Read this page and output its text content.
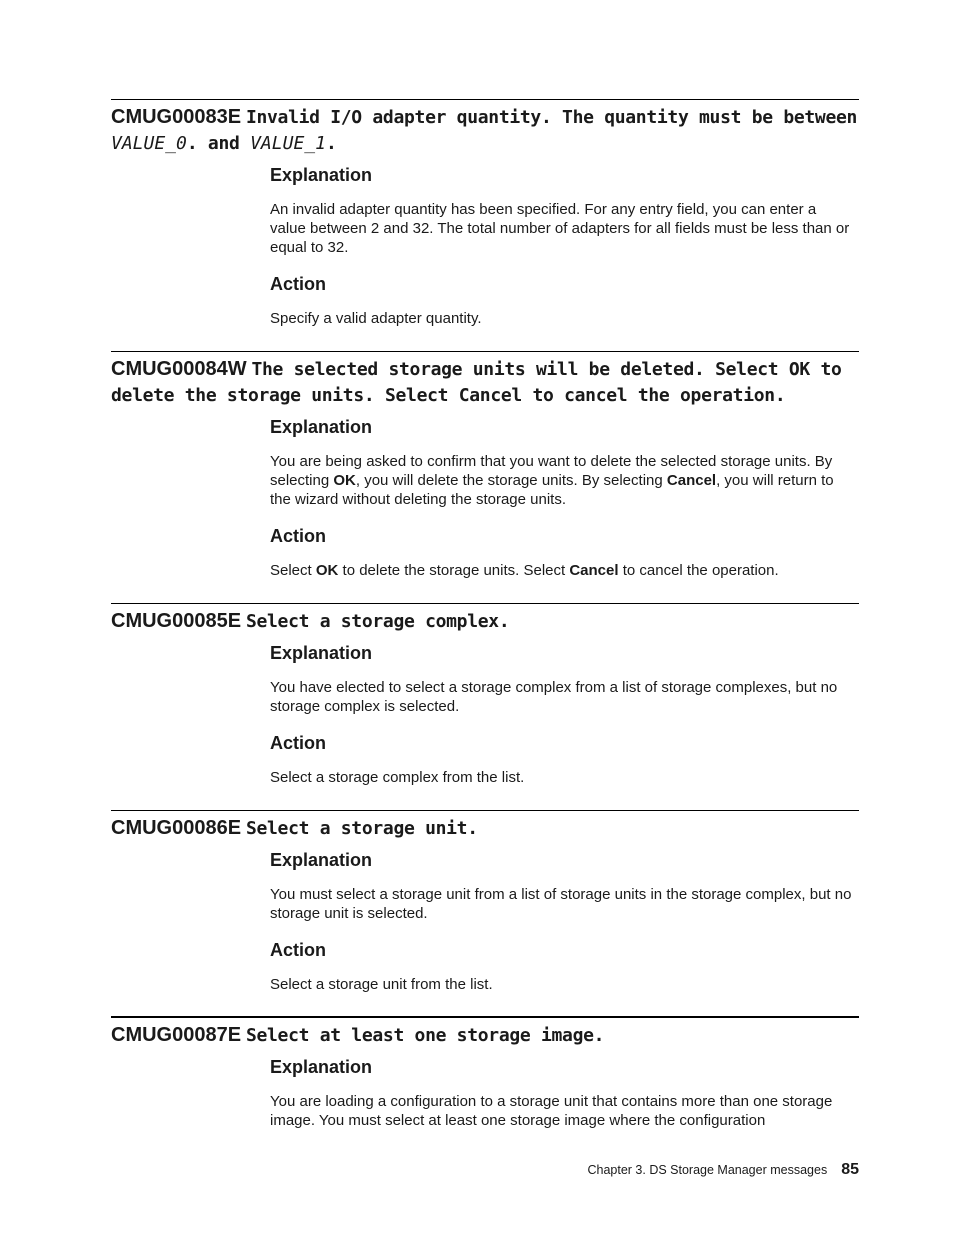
CMUG00083E Invalid I/O adapter quantity. The quantity must be between VALUE_0. and VALUE_1.
Explanation

An invalid adapter quantity has been specified. For any entry field, you can enter a value between 2 and 32. The total number of adapters for all fields must be less than or equal to 32.

Action

Specify a valid adapter quantity.

CMUG00084W The selected storage units will be deleted. Select OK to delete the storage units. Select Cancel to cancel the operation.
Explanation

You are being asked to confirm that you want to delete the selected storage units. By selecting OK, you will delete the storage units. By selecting Cancel, you will return to the wizard without deleting the storage units.

Action

Select OK to delete the storage units. Select Cancel to cancel the operation.

CMUG00085E Select a storage complex.
Explanation

You have elected to select a storage complex from a list of storage complexes, but no storage complex is selected.

Action

Select a storage complex from the list.

CMUG00086E Select a storage unit.
Explanation

You must select a storage unit from a list of storage units in the storage complex, but no storage unit is selected.

Action

Select a storage unit from the list.

CMUG00087E Select at least one storage image.
Explanation

You are loading a configuration to a storage unit that contains more than one storage image. You must select at least one storage image where the configuration

Chapter 3. DS Storage Manager messages 85
